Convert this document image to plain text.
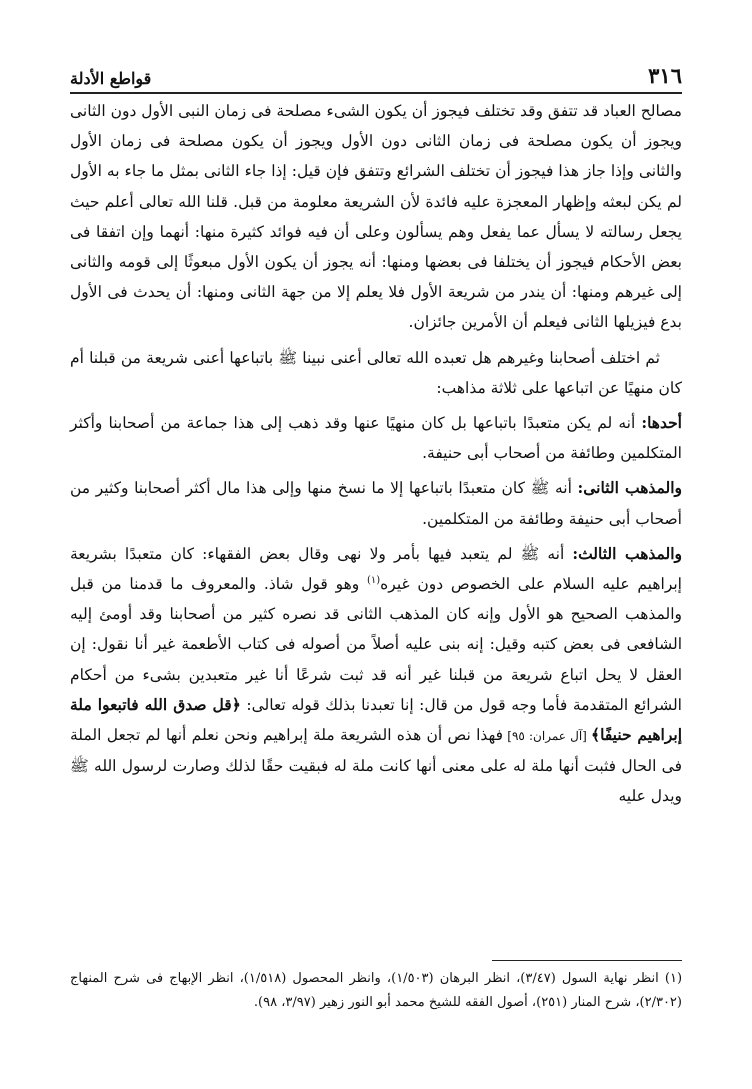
٣١٦
قواطع الأدلة

مصالح العباد قد تتفق وقد تختلف فيجوز أن يكون الشىء مصلحة فى زمان النبى الأول دون الثانى ويجوز أن يكون مصلحة فى زمان الثانى دون الأول ويجوز أن يكون مصلحة فى زمان الأول والثانى وإذا جاز هذا فيجوز أن تختلف الشرائع وتتفق فإن قيل: إذا جاء الثانى بمثل ما جاء به الأول لم يكن لبعثه وإظهار المعجزة عليه فائدة لأن الشريعة معلومة من قبل. قلنا الله تعالى أعلم حيث يجعل رسالته لا يسأل عما يفعل وهم يسألون وعلى أن فيه فوائد كثيرة منها: أنهما وإن اتفقا فى بعض الأحكام فيجوز أن يختلفا فى بعضها ومنها: أنه يجوز أن يكون الأول مبعوثًا إلى قومه والثانى إلى غيرهم ومنها: أن يندر من شريعة الأول فلا يعلم إلا من جهة الثانى ومنها: أن يحدث فى الأول بدع فيزيلها الثانى فيعلم أن الأمرين جائزان.

ثم اختلف أصحابنا وغيرهم هل تعبده الله تعالى أعنى نبينا ﷺ باتباعها أعنى شريعة من قبلنا أم كان منهيًا عن اتباعها على ثلاثة مذاهب:

أحدها: أنه لم يكن متعبدًا باتباعها بل كان منهيًا عنها وقد ذهب إلى هذا جماعة من أصحابنا وأكثر المتكلمين وطائفة من أصحاب أبى حنيفة.

والمذهب الثانى: أنه ﷺ كان متعبدًا باتباعها إلا ما نسخ منها وإلى هذا مال أكثر أصحابنا وكثير من أصحاب أبى حنيفة وطائفة من المتكلمين.

والمذهب الثالث: أنه ﷺ لم يتعبد فيها بأمر ولا نهى وقال بعض الفقهاء: كان متعبدًا بشريعة إبراهيم عليه السلام على الخصوص دون غيره$^{(١)}$ وهو قول شاذ. والمعروف ما قدمنا من قبل والمذهب الصحيح هو الأول وإنه كان المذهب الثانى قد نصره كثير من أصحابنا وقد أومئ إليه الشافعى فى بعض كتبه وقيل: إنه بنى عليه أصلاً من أصوله فى كتاب الأطعمة غير أنا نقول: إن العقل لا يحل اتباع شريعة من قبلنا غير أنه قد ثبت شرعًا أنا غير متعبدين بشىء من أحكام الشرائع المتقدمة فأما وجه قول من قال: إنا تعبدنا بذلك قوله تعالى: ﴿قل صدق الله فاتبعوا ملة إبراهيم حنيفًا﴾ [آل عمران: ٩٥] فهذا نص أن هذه الشريعة ملة إبراهيم ونحن نعلم أنها لم تجعل الملة فى الحال فثبت أنها ملة له على معنى أنها كانت ملة له فبقيت حقًا لذلك وصارت لرسول الله ﷺ ويدل عليه

(١) انظر نهاية السول (٣/٤٧)، انظر البرهان (١/٥٠٣)، وانظر المحصول (١/٥١٨)، انظر الإبهاج فى شرح المنهاج (٢/٣٠٢)، شرح المنار (٢٥١)، أصول الفقه للشيخ محمد أبو النور زهير (٣/٩٧، ٩٨).
